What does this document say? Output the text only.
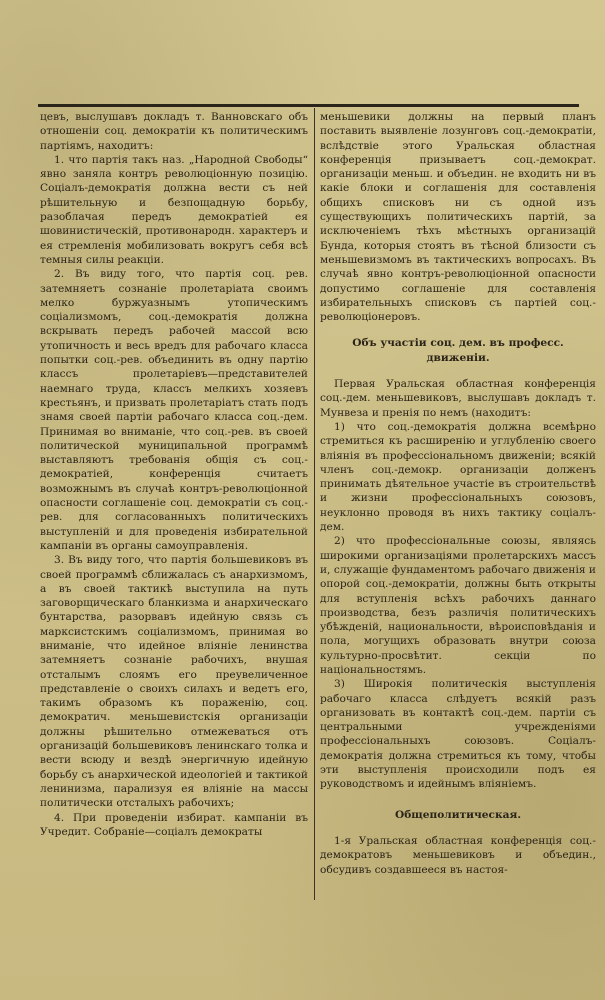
цевъ, выслушавъ докладъ т. Ванновскаго объ отношенiи соц. демократiи къ политическимъ партiямъ, находитъ:

1. что партiя такъ наз. „Народной Свободы“ явно заняла контръ революцiонную позицiю. Соцiалъ-демократiя должна вести съ ней рѣшительную и безпощадную борьбу, разоблачая передъ демократiей ея шовинистическiй, противонародн. характеръ и ея стремленiя мобилизовать вокругъ себя всѣ темныя силы реакцiи.

2. Въ виду того, что партiя соц. рев. затемняетъ сознанiе пролетарiата своимъ мелко буржуазнымъ утопическимъ соцiализмомъ, соц.-демократiя должна вскрывать передъ рабочей массой всю утопичность и весь вредъ для рабочаго класса попытки соц.-рев. объединить въ одну партiю классъ пролетарiевъ—представителей наемнаго труда, классъ мелкихъ хозяевъ крестьянъ, и призвать пролетарiатъ стать подъ знамя своей партiи рабочаго класса соц.-дем. Принимая во вниманiе, что соц.-рев. въ своей политической муниципальной программѣ выставляютъ требованiя общiя съ соц.-демократiей, конференцiя считаетъ возможнымъ въ случаѣ контръ-революцiонной опасности соглашенiе соц. демократiи съ соц.-рев. для согласованныхъ политическихъ выступленiй и для проведенiя избирательной кампанiи въ органы самоуправленiя.

3. Въ виду того, что партiя большевиковъ въ своей программѣ сближалась съ анархизмомъ, а въ своей тактикѣ выступила на путь заговорщическаго бланкизма и анархическаго бунтарства, разорвавъ идейную связь съ марксистскимъ соцiализмомъ, принимая во вниманiе, что идейное влiянiе ленинства затемняетъ сознанiе рабочихъ, внушая отсталымъ слоямъ его преувеличенное представленiе о своихъ силахъ и ведетъ его, такимъ образомъ къ пораженiю, соц. демократич. меньшевистскiя организацiи должны рѣшительно отмежеваться отъ организацiй большевиковъ ленинскаго толка и вести всюду и вездѣ энергичную идейную борьбу съ анархической идеологiей и тактикой ленинизма, парализуя ея влiянiе на массы политически отсталыхъ рабочихъ;

4. При проведенiи избират. кампанiи въ Учредит. Собранiе—соцiалъ демократы

меньшевики должны на первый планъ поставить выявленiе лозунговъ соц.-демократiи, вслѣдствiе этого Уральская областная конференцiя призываетъ соц.-демократ. организацiи меньш. и объедин. не входить ни въ какiе блоки и соглашенiя для составленiя общихъ списковъ ни съ одной изъ существующихъ политическихъ партiй, за исключенiемъ тѣхъ мѣстныхъ организацiй Бунда, которыя стоятъ въ тѣсной близости съ меньшевизмомъ въ тактическихъ вопросахъ. Въ случаѣ явно контръ-революцiонной опасности допустимо соглашенiе для составленiя избирательныхъ списковъ съ партiей соц.-революцiонеровъ.

Объ участiи соц. дем. въ професс. движенiи.

Первая Уральская областная конференцiя соц.-дем. меньшевиковъ, выслушавъ докладъ т. Мунвеза и пренiя по немъ (находитъ:

1) что соц.-демократiя должна всемѣрно стремиться къ расширенiю и углубленiю своего влiянiя въ профессiональномъ движенiи; всякiй членъ соц.-демокр. организацiи долженъ принимать дѣятельное участiе въ строительствѣ и жизни профессiональныхъ союзовъ, неуклонно проводя въ нихъ тактику соцiалъ-дем.

2) что профессiональные союзы, являясь широкими организацiями пролетарскихъ массъ и, служащiе фундаментомъ рабочаго движенiя и опорой соц.-демократiи, должны быть открыты для вступленiя всѣхъ рабочихъ даннаго производства, безъ различiя политическихъ убѣжденiй, национальности, вѣроисповѣданiя и пола, могущихъ образовать внутри союза культурно-просвѣтит. секцiи по нацiональностямъ.

3) Широкiя политическiя выступленiя рабочаго класса слѣдуетъ всякiй разъ организовать въ контактѣ соц.-дем. партiи съ центральными учрежденiями профессiональныхъ союзовъ. Соцiалъ-демократiя должна стремиться къ тому, чтобы эти выступленiя происходили подъ ея руководствомъ и идейнымъ влiянiемъ.

Общеполитическая.

1-я Уральская областная конференцiя соц.-демократовъ меньшевиковъ и объедин., обсудивъ создавшееся въ настоя-
